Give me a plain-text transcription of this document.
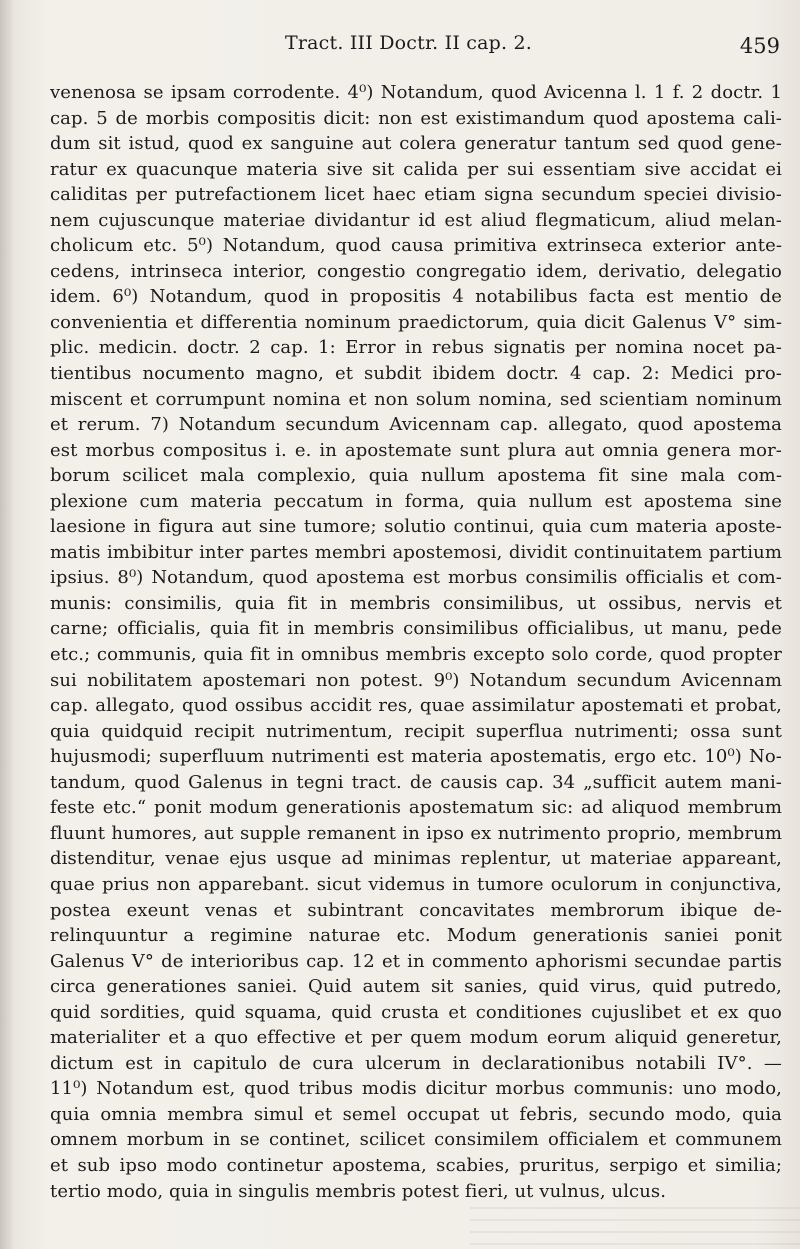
Tract. III Doctr. II cap. 2.	459
venenosa se ipsam corrodente. 4⁰) Notandum, quod Avicenna l. 1 f. 2 doctr. 1
cap. 5 de morbis compositis dicit: non est existimandum quod apostema cali-
dum sit istud, quod ex sanguine aut colera generatur tantum sed quod gene-
ratur ex quacunque materia sive sit calida per sui essentiam sive accidat ei
caliditas per putrefactionem licet haec etiam signa secundum speciei divisio-
nem cujuscunque materiae dividantur id est aliud flegmaticum, aliud melan-
cholicum etc. 5⁰) Notandum, quod causa primitiva extrinseca exterior ante-
cedens, intrinseca interior, congestio congregatio idem, derivatio, delegatio
idem. 6⁰) Notandum, quod in propositis 4 notabilibus facta est mentio de
convenientia et differentia nominum praedictorum, quia dicit Galenus V° sim-
plic. medicin. doctr. 2 cap. 1: Error in rebus signatis per nomina nocet pa-
tientibus nocumento magno, et subdit ibidem doctr. 4 cap. 2: Medici pro-
miscent et corrumpunt nomina et non solum nomina, sed scientiam nominum
et rerum. 7) Notandum secundum Avicennam cap. allegato, quod apostema
est morbus compositus i. e. in apostemate sunt plura aut omnia genera mor-
borum scilicet mala complexio, quia nullum apostema fit sine mala com-
plexione cum materia peccatum in forma, quia nullum est apostema sine
laesione in figura aut sine tumore; solutio continui, quia cum materia aposte-
matis imbibitur inter partes membri apostemosi, dividit continuitatem partium
ipsius. 8⁰) Notandum, quod apostema est morbus consimilis officialis et com-
munis: consimilis, quia fit in membris consimilibus, ut ossibus, nervis et
carne; officialis, quia fit in membris consimilibus officialibus, ut manu, pede
etc.; communis, quia fit in omnibus membris excepto solo corde, quod propter
sui nobilitatem apostemari non potest. 9⁰) Notandum secundum Avicennam
cap. allegato, quod ossibus accidit res, quae assimilatur apostemati et probat,
quia quidquid recipit nutrimentum, recipit superflua nutrimenti; ossa sunt
hujusmodi; superfluum nutrimenti est materia apostematis, ergo etc. 10⁰) No-
tandum, quod Galenus in tegni tract. de causis cap. 34 „sufficit autem mani-
feste etc.“ ponit modum generationis apostematum sic: ad aliquod membrum
fluunt humores, aut supple remanent in ipso ex nutrimento proprio, membrum
distenditur, venae ejus usque ad minimas replentur, ut materiae appareant,
quae prius non apparebant. sicut videmus in tumore oculorum in conjunctiva,
postea exeunt venas et subintrant concavitates membrorum ibique de-
relinquuntur a regimine naturae etc. Modum generationis saniei ponit
Galenus V° de interioribus cap. 12 et in commento aphorismi secundae partis
circa generationes saniei. Quid autem sit sanies, quid virus, quid putredo,
quid sordities, quid squama, quid crusta et conditiones cujuslibet et ex quo
materialiter et a quo effective et per quem modum eorum aliquid generetur,
dictum est in capitulo de cura ulcerum in declarationibus notabili IV°. —
11⁰) Notandum est, quod tribus modis dicitur morbus communis: uno modo,
quia omnia membra simul et semel occupat ut febris, secundo modo, quia
omnem morbum in se continet, scilicet consimilem officialem et communem
et sub ipso modo continetur apostema, scabies, pruritus, serpigo et similia;
tertio modo, quia in singulis membris potest fieri, ut vulnus, ulcus.
